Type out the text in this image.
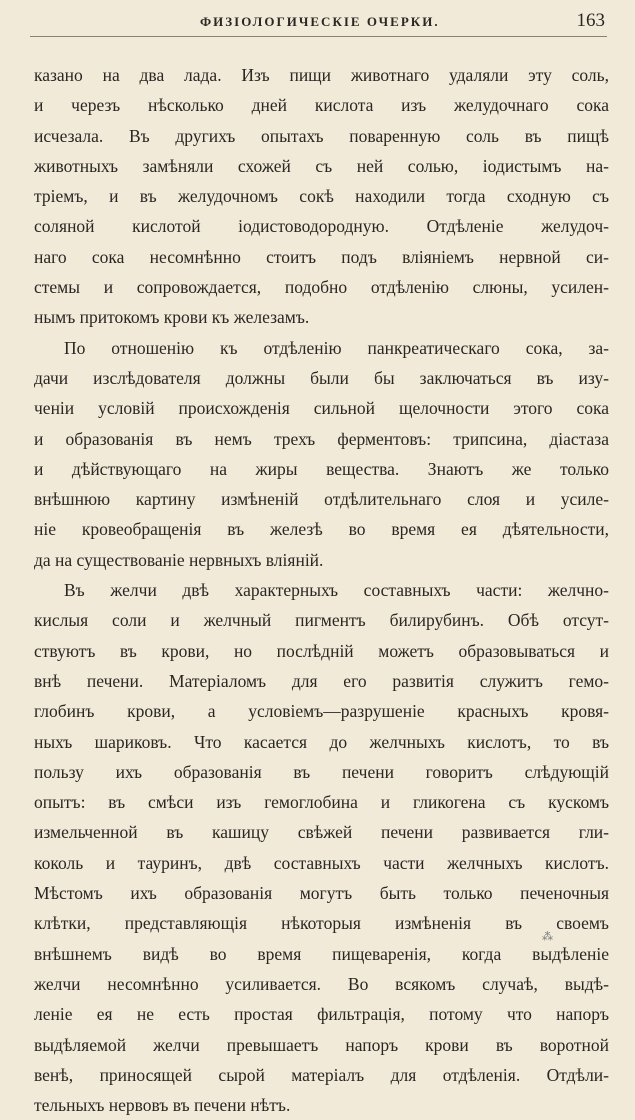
ФИЗІОЛОГИЧЕСКІЕ ОЧЕРКИ.	163
казано на два лада. Изъ пищи животнаго удаляли эту соль,
и черезъ нѣсколько дней кислота изъ желудочнаго сока
исчезала. Въ другихъ опытахъ поваренную соль въ пищѣ
животныхъ замѣняли схожей съ ней солью, іодистымъ на-
тріемъ, и въ желудочномъ сокѣ находили тогда сходную съ
соляной кислотой іодистоводородную. Отдѣленіе желудоч-
наго сока несомнѣнно стоитъ подъ вліяніемъ нервной си-
стемы и сопровождается, подобно отдѣленію слюны, усилен-
нымъ притокомъ крови къ железамъ.
По отношенію къ отдѣленію панкреатическаго сока, за-
дачи изслѣдователя должны были бы заключаться въ изу-
ченіи условій происхожденія сильной щелочности этого сока
и образованія въ немъ трехъ ферментовъ: трипсина, діастаза
и дѣйствующаго на жиры вещества. Знаютъ же только
внѣшнюю картину измѣненій отдѣлительнаго слоя и усиле-
ніе кровеобращенія въ железѣ во время ея дѣятельности,
да на существованіе нервныхъ вліяній.
Въ желчи двѣ характерныхъ составныхъ части: желчно-
кислыя соли и желчный пигментъ билирубинъ. Обѣ отсут-
ствуютъ въ крови, но послѣдній можетъ образовываться и
внѣ печени. Матеріаломъ для его развитія служитъ гемо-
глобинъ крови, а условіемъ—разрушеніе красныхъ кровя-
ныхъ шариковъ. Что касается до желчныхъ кислотъ, то въ
пользу ихъ образованія въ печени говоритъ слѣдующій
опытъ: въ смѣси изъ гемоглобина и гликогена съ кускомъ
измельченной въ кашицу свѣжей печени развивается гли-
коколь и тауринъ, двѣ составныхъ части желчныхъ кислотъ.
Мѣстомъ ихъ образованія могутъ быть только печеночныя
клѣтки, представляющія нѣкоторыя измѣненія въ своемъ
внѣшнемъ видѣ во время пищеваренія, когда выдѣленіе
желчи несомнѣнно усиливается. Во всякомъ случаѣ, выдѣ-
леніе ея не есть простая фильтрація, потому что напоръ
выдѣляемой желчи превышаетъ напоръ крови въ воротной
венѣ, приносящей сырой матеріалъ для отдѣленія. Отдѣли-
тельныхъ нервовъ въ печени нѣтъ.
⁂
